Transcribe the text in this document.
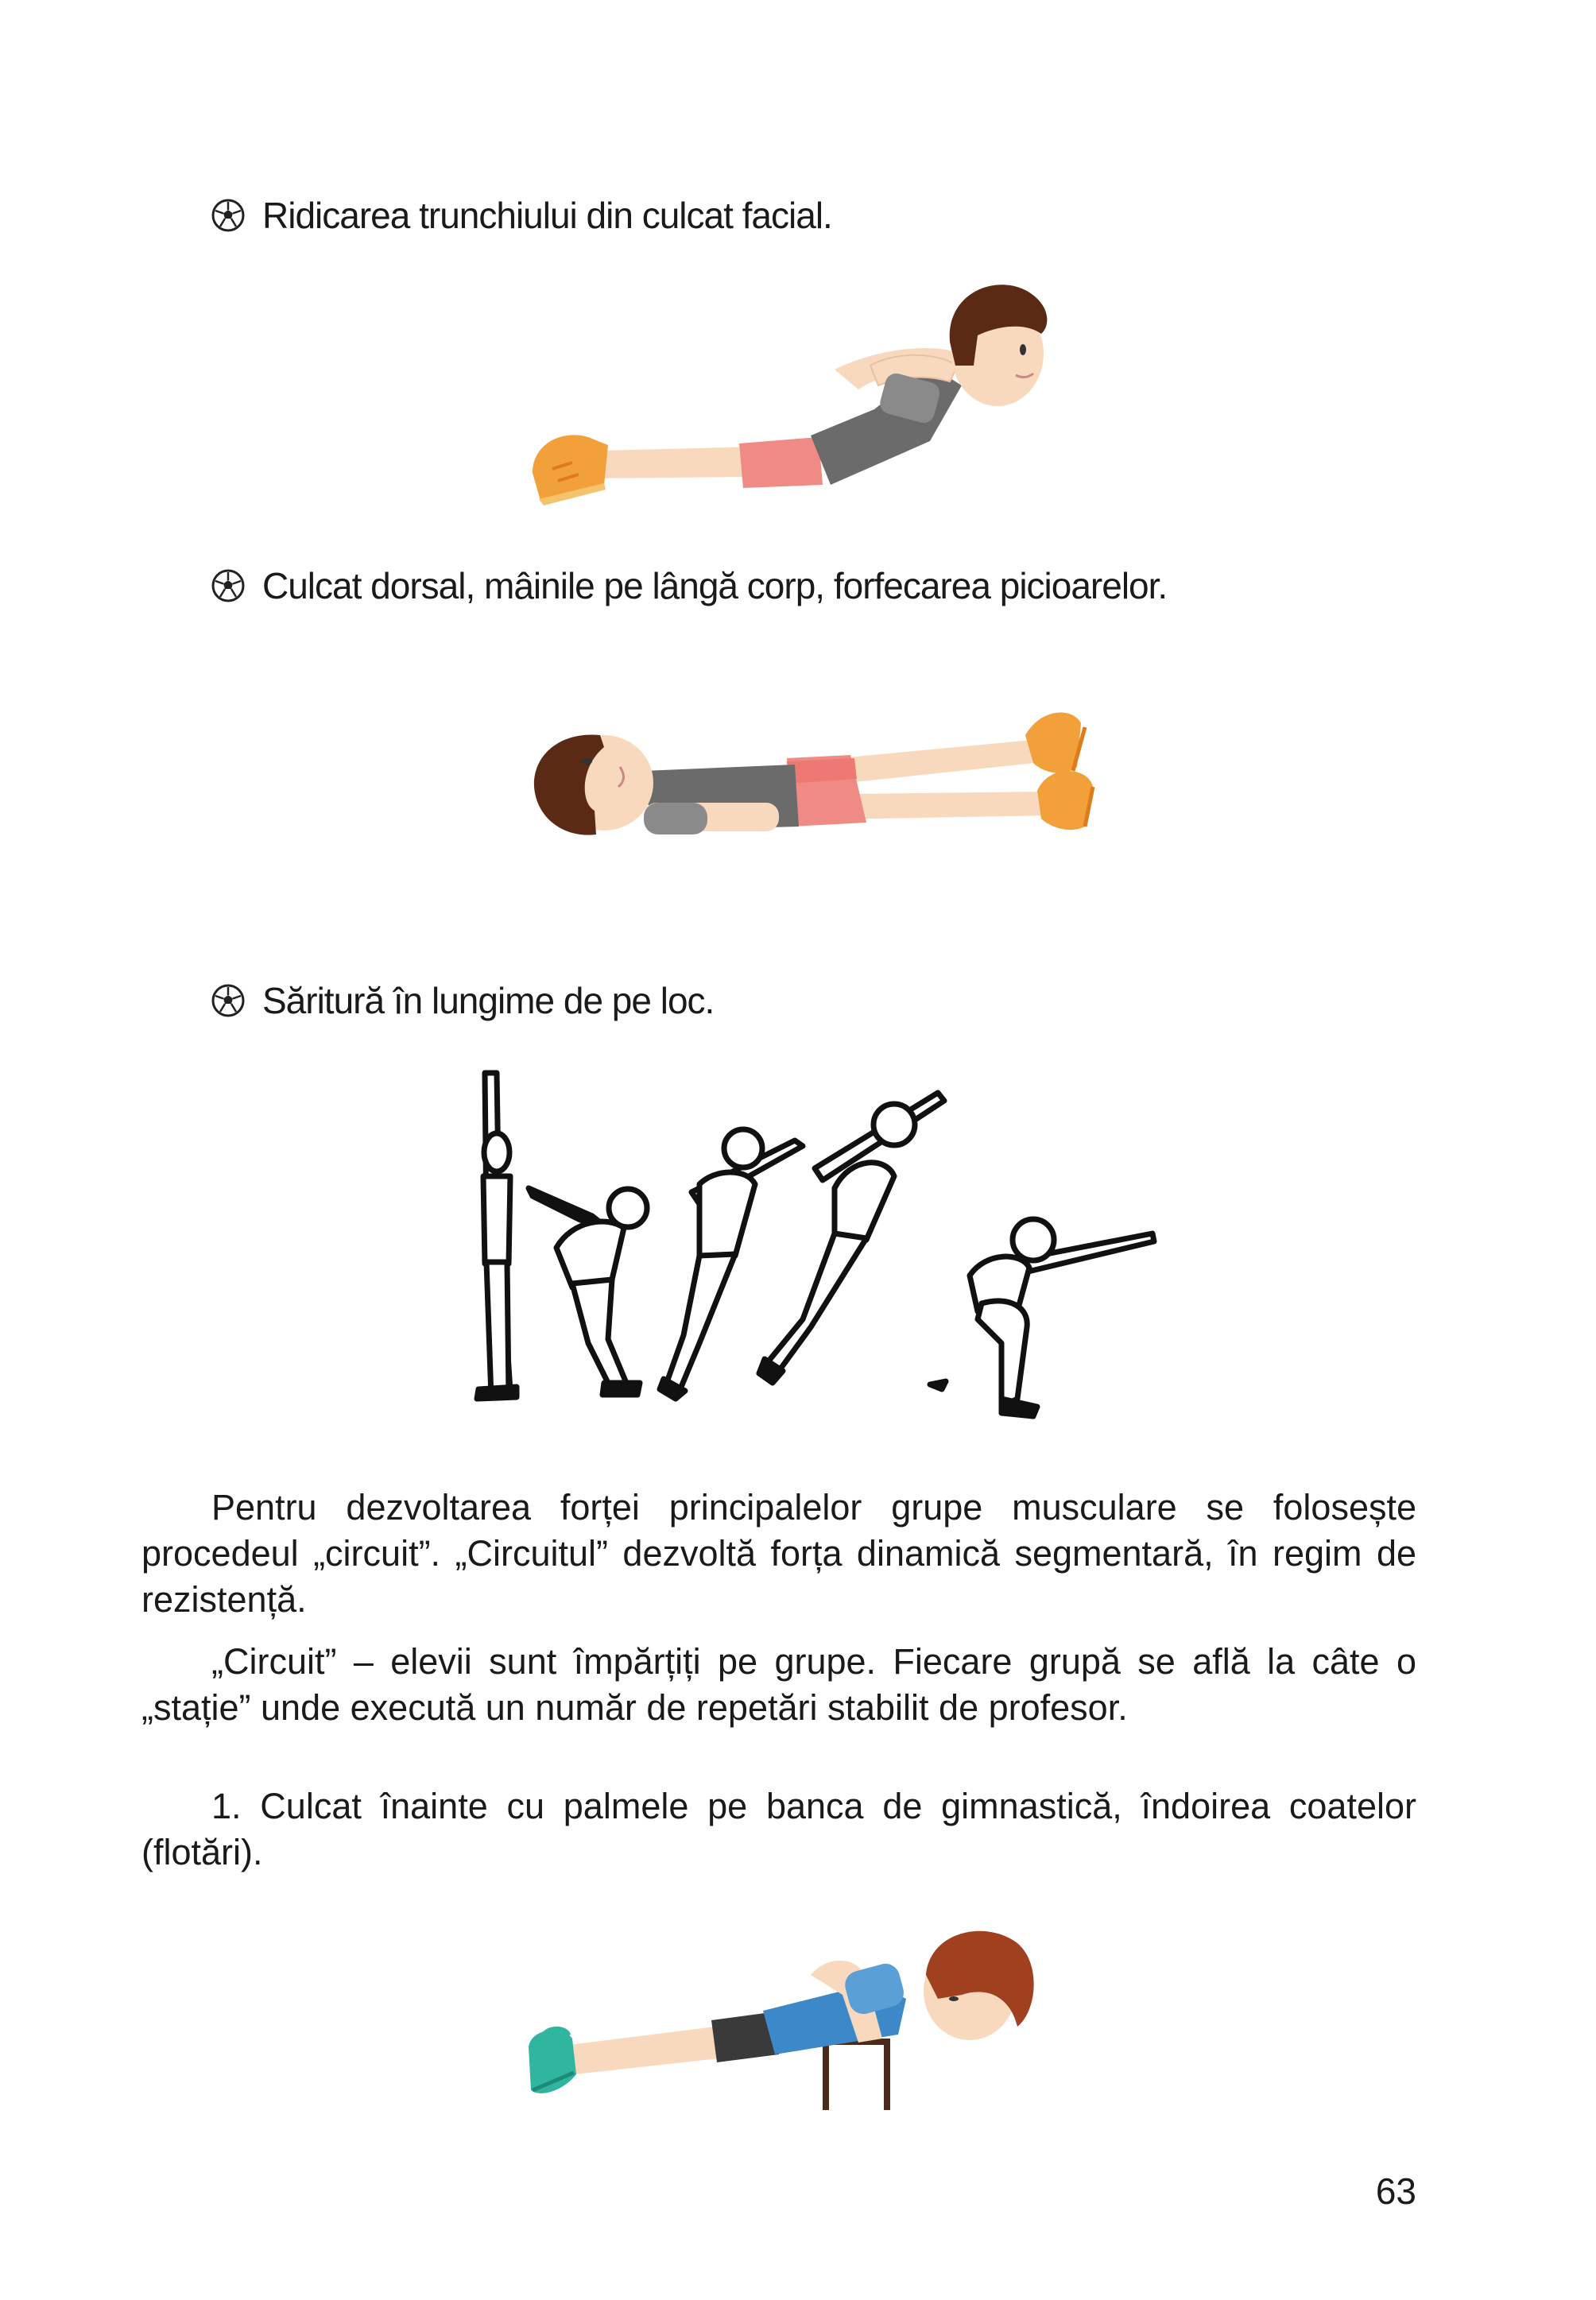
Ridicarea trunchiului din culcat facial.
Culcat dorsal, mâinile pe lângă corp, forfecarea picioarelor.
Săritură în lungime de pe loc.
Pentru dezvoltarea forței principalelor grupe musculare se folosește procedeul „circuit”. „Circuitul” dezvoltă forța dinamică segmentară, în regim de rezistență.
„Circuit” – elevii sunt împărțiți pe grupe. Fiecare grupă se află la câte o „stație” unde execută un număr de repetări stabilit de profesor.
1. Culcat înainte cu palmele pe banca de gimnastică, îndoirea coatelor (flotări).
63
